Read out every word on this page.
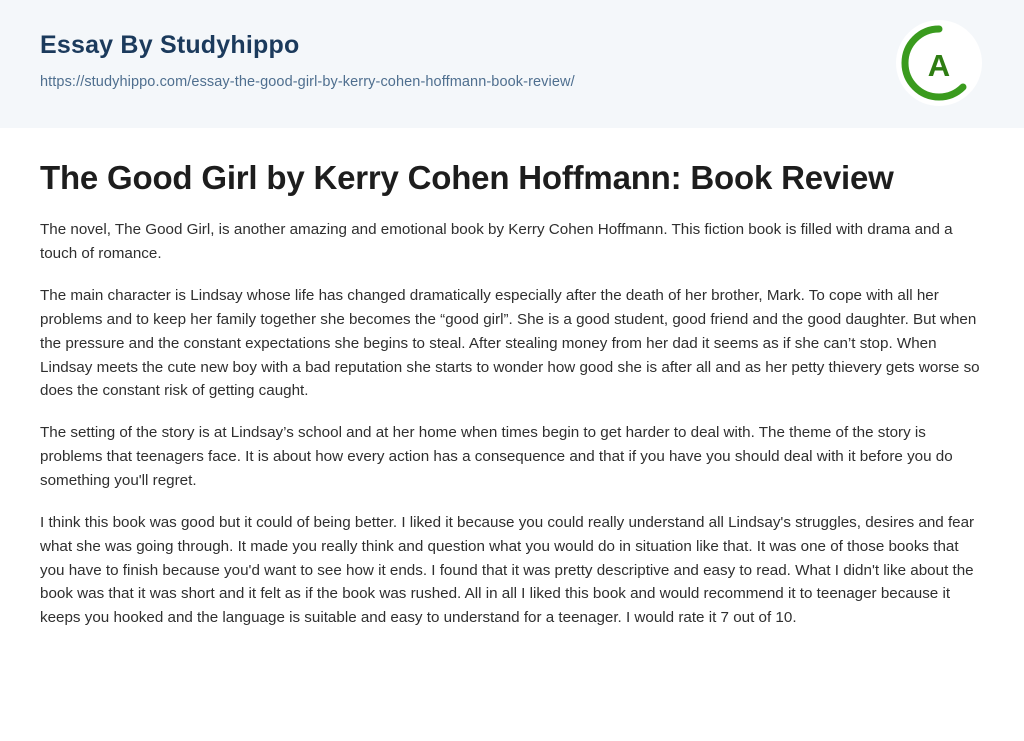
Essay By Studyhippo
https://studyhippo.com/essay-the-good-girl-by-kerry-cohen-hoffmann-book-review/	A
The Good Girl by Kerry Cohen Hoffmann: Book Review

The novel, The Good Girl, is another amazing and emotional book by Kerry Cohen Hoffmann. This fiction book is filled with drama and a touch of romance.

The main character is Lindsay whose life has changed dramatically especially after the death of her brother, Mark. To cope with all her problems and to keep her family together she becomes the “good girl”. She is a good student, good friend and the good daughter. But when the pressure and the constant expectations she begins to steal. After stealing money from her dad it seems as if she can’t stop. When Lindsay meets the cute new boy with a bad reputation she starts to wonder how good she is after all and as her petty thievery gets worse so does the constant risk of getting caught.

The setting of the story is at Lindsay’s school and at her home when times begin to get harder to deal with. The theme of the story is problems that teenagers face. It is about how every action has a consequence and that if you have you should deal with it before you do something you'll regret.

I think this book was good but it could of being better. I liked it because you could really understand all Lindsay's struggles, desires and fear what she was going through. It made you really think and question what you would do in situation like that. It was one of those books that you have to finish because you'd want to see how it ends. I found that it was pretty descriptive and easy to read. What I didn't like about the book was that it was short and it felt as if the book was rushed. All in all I liked this book and would recommend it to teenager because it keeps you hooked and the language is suitable and easy to understand for a teenager. I would rate it 7 out of 10.
